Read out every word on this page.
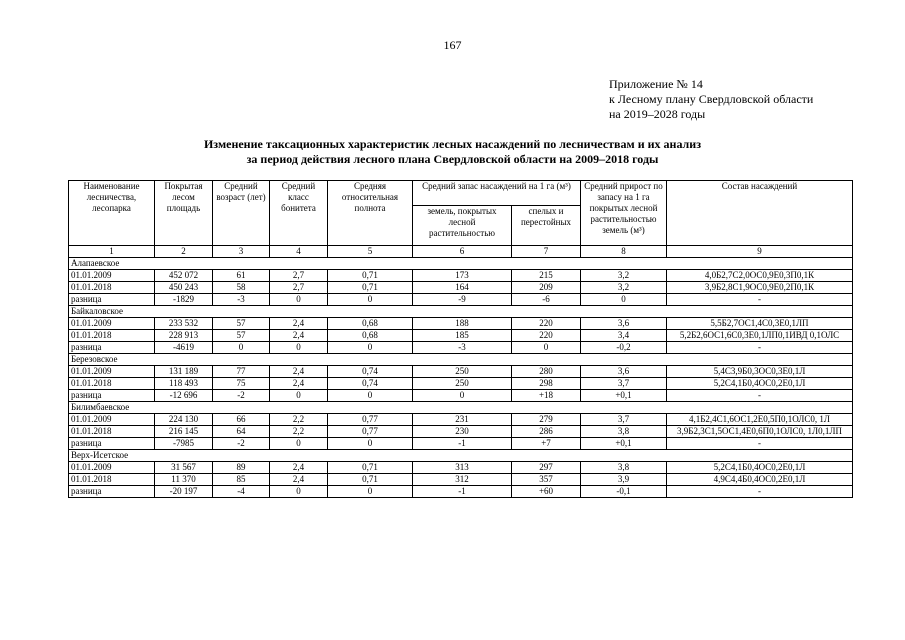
167
Приложение № 14
к Лесному плану Свердловской области
на 2019–2028 годы
Изменение таксационных характеристик лесных насаждений по лесничествам и их анализ
за период действия лесного плана Свердловской области на 2009–2018 годы
Наименование лесничества, лесопарка	Покрытая лесом площадь	Средний возраст (лет)	Средний класс бонитета	Средняя относительная полнота	Средний запас насаждений на 1 га (м³)		Средний прирост по запасу на 1 га покрытых лесной растительностью земель (м³)	Состав насаждений
					земель, покрытых лесной растительностью	спелых и перестойных		
1	2	3	4	5	6	7	8	9
Алапаевское								
01.01.2009	452 072	61	2,7	0,71	173	215	3,2	4,0Б2,7С2,0ОС0,9Е0,3П0,1К
01.01.2018	450 243	58	2,7	0,71	164	209	3,2	3,9Б2,8С1,9ОС0,9Е0,2П0,1К
разница	-1829	-3	0	0	-9	-6	0	-
Байкаловское								
01.01.2009	233 532	57	2,4	0,68	188	220	3,6	5,5Б2,7ОС1,4С0,3Е0,1ЛП
01.01.2018	228 913	57	2,4	0,68	185	220	3,4	5,2Б2,6ОС1,6С0,3Е0,1ЛП0,1ИВД 0,1ОЛС
разница	-4619	0	0	0	-3	0	-0,2	-
Березовское								
01.01.2009	131 189	77	2,4	0,74	250	280	3,6	5,4С3,9Б0,3ОС0,3Е0,1Л
01.01.2018	118 493	75	2,4	0,74	250	298	3,7	5,2С4,1Б0,4ОС0,2Е0,1Л
разница	-12 696	-2	0	0	0	+18	+0,1	-
Билимбаевское								
01.01.2009	224 130	66	2,2	0,77	231	279	3,7	4,1Б2,4С1,6ОС1,2Е0,5П0,1ОЛС0, 1Л
01.01.2018	216 145	64	2,2	0,77	230	286	3,8	3,9Б2,3С1,5ОС1,4Е0,6П0,1ОЛС0, 1Л0,1ЛП
разница	-7985	-2	0	0	-1	+7	+0,1	-
Верх-Исетское								
01.01.2009	31 567	89	2,4	0,71	313	297	3,8	5,2С4,1Б0,4ОС0,2Е0,1Л
01.01.2018	11 370	85	2,4	0,71	312	357	3,9	4,9С4,4Б0,4ОС0,2Е0,1Л
разница	-20 197	-4	0	0	-1	+60	-0,1	-
